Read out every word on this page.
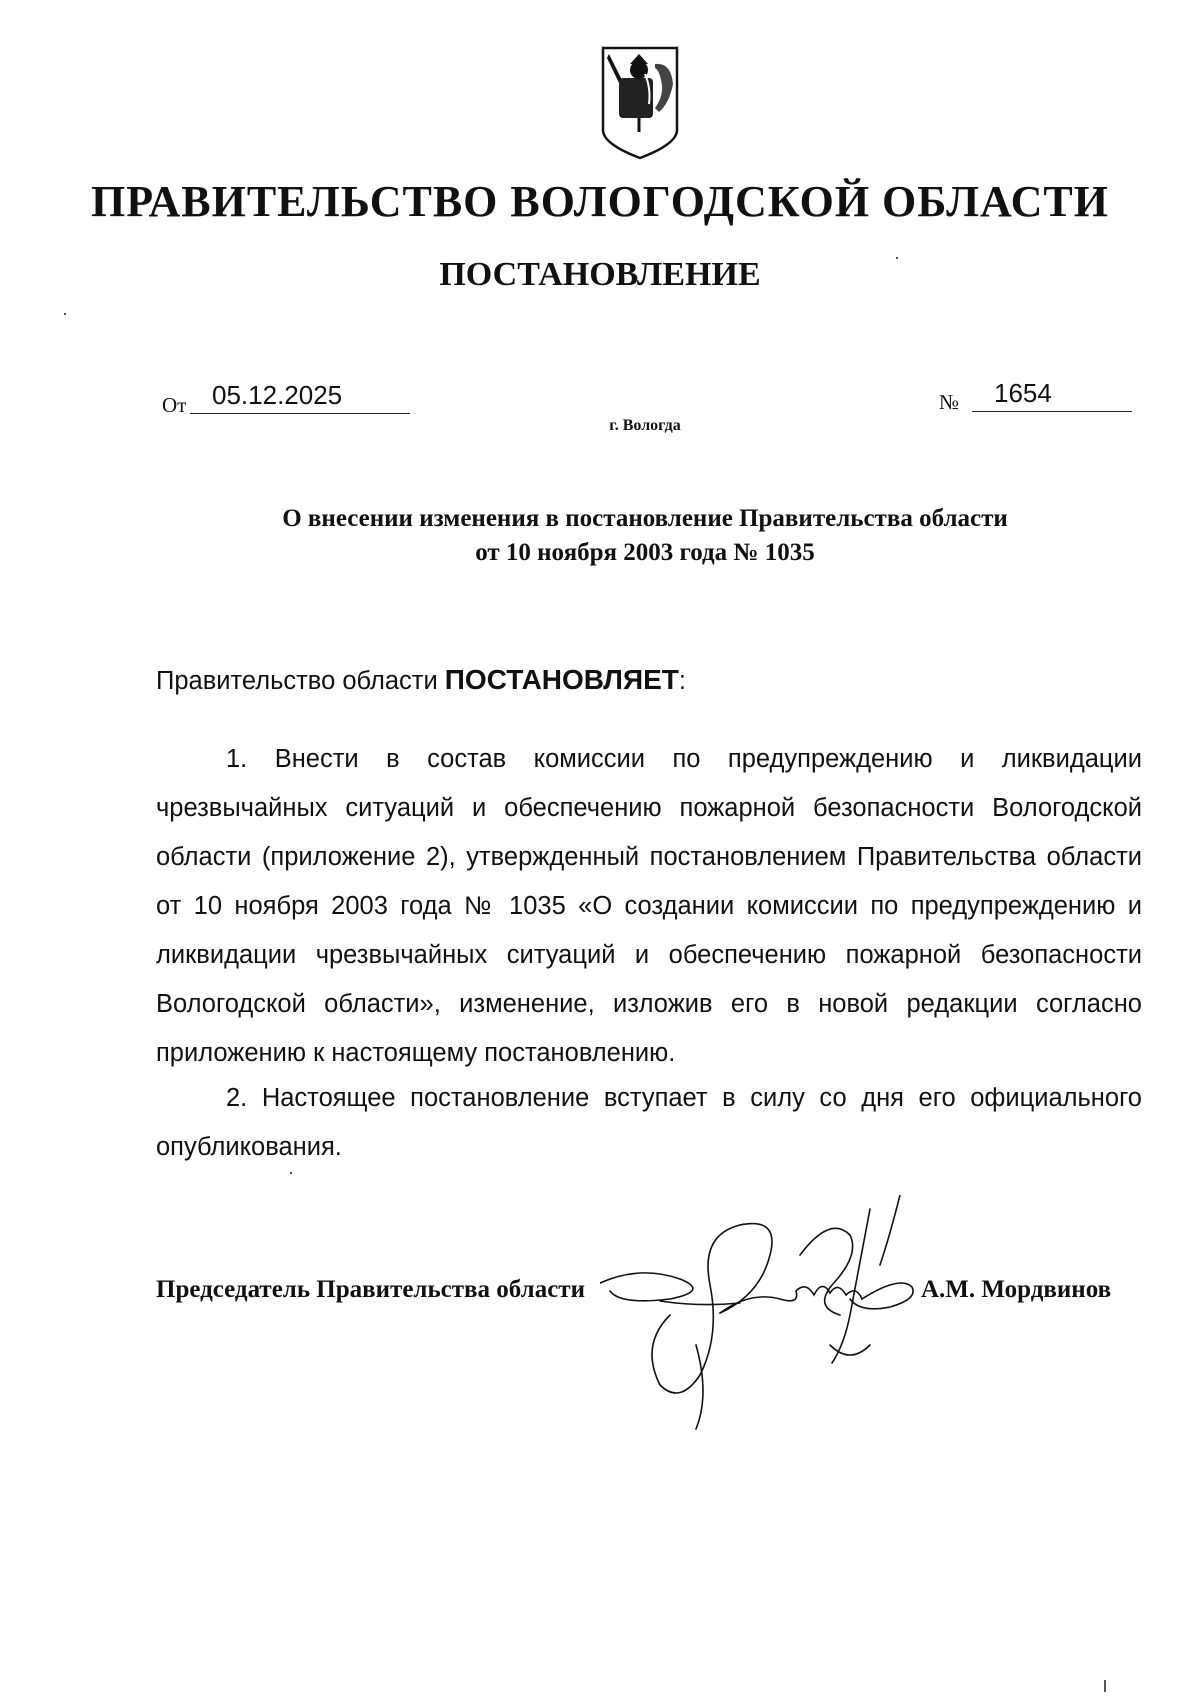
ПРАВИТЕЛЬСТВО ВОЛОГОДСКОЙ ОБЛАСТИ
ПОСТАНОВЛЕНИЕ
От 05.12.2025	№	1654
г. Вологда
О внесении изменения в постановление Правительства области
от 10 ноября 2003 года № 1035
Правительство области ПОСТАНОВЛЯЕТ:
1. Внести в состав комиссии по предупреждению и ликвидации чрезвычайных ситуаций и обеспечению пожарной безопасности Вологодской области (приложение 2), утвержденный постановлением Правительства области от 10 ноября 2003 года № 1035 «О создании комиссии по предупреждению и ликвидации чрезвычайных ситуаций и обеспечению пожарной безопасности Вологодской области», изменение, изложив его в новой редакции согласно приложению к настоящему постановлению.
2. Настоящее постановление вступает в силу со дня его официального опубликования.
Председатель Правительства области	А.М. Мордвинов
